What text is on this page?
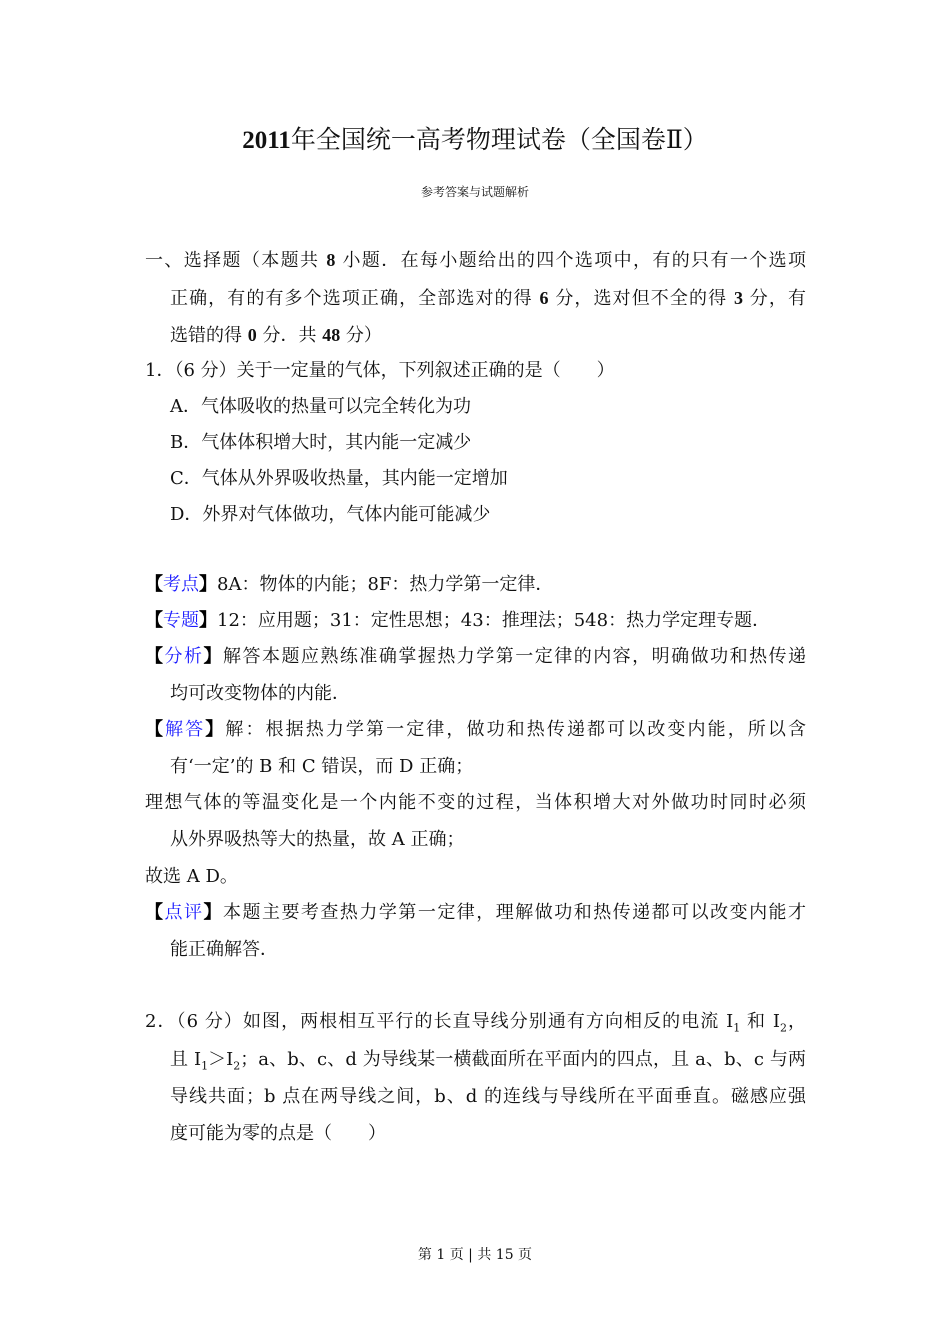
2011年全国统一高考物理试卷（全国卷Ⅱ）
参考答案与试题解析
一、选择题（本题共 8 小题．在每小题给出的四个选项中，有的只有一个选项
正确，有的有多个选项正确，全部选对的得 6 分，选对但不全的得 3 分，有
选错的得 0 分．共 48 分）
1．（6 分）关于一定量的气体，下列叙述正确的是（　　）
A．气体吸收的热量可以完全转化为功
B．气体体积增大时，其内能一定减少
C．气体从外界吸收热量，其内能一定增加
D．外界对气体做功，气体内能可能减少
【考点】8A：物体的内能；8F：热力学第一定律．
【专题】12：应用题；31：定性思想；43：推理法；548：热力学定理专题．
【分析】解答本题应熟练准确掌握热力学第一定律的内容，明确做功和热传递
均可改变物体的内能．
【解答】解：根据热力学第一定律，做功和热传递都可以改变内能，所以含
有‘一定’的 B 和 C 错误，而 D 正确；
理想气体的等温变化是一个内能不变的过程，当体积增大对外做功时同时必须
从外界吸热等大的热量，故 A 正确；
故选 A D。
【点评】本题主要考查热力学第一定律，理解做功和热传递都可以改变内能才
能正确解答．
2．（6 分）如图，两根相互平行的长直导线分别通有方向相反的电流 $I_1$ 和 $I_2$，
且 $I_1>I_2$；a、b、c、d 为导线某一横截面所在平面内的四点，且 a、b、c 与两
导线共面；b 点在两导线之间，b、d 的连线与导线所在平面垂直。磁感应强
度可能为零的点是（　　）
第 1 页 | 共 15 页
